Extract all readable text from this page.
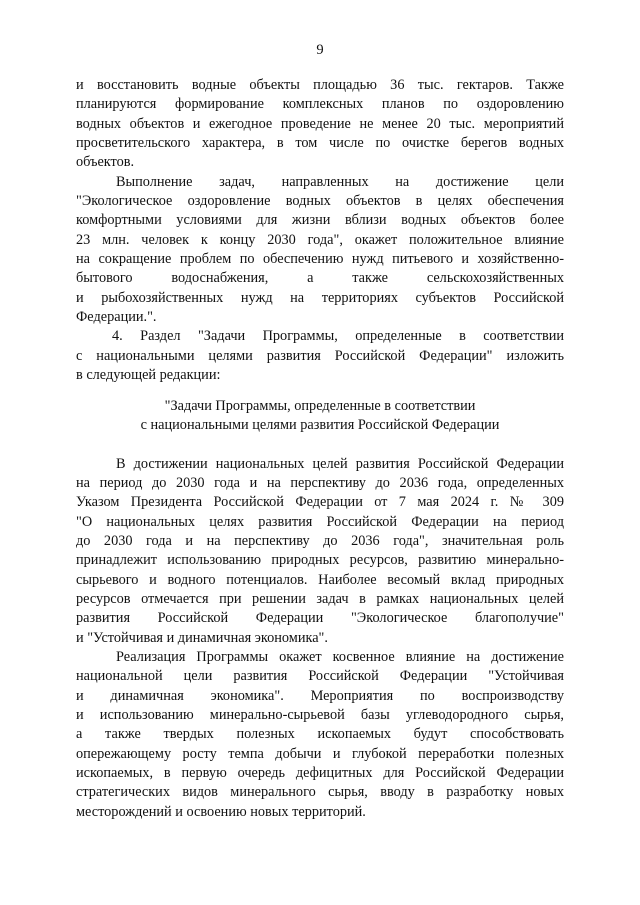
9
и восстановить водные объекты площадью 36 тыс. гектаров. Также
планируются формирование комплексных планов по оздоровлению
водных объектов и ежегодное проведение не менее 20 тыс. мероприятий
просветительского характера, в том числе по очистке берегов водных
объектов.
Выполнение задач, направленных на достижение цели
"Экологическое оздоровление водных объектов в целях обеспечения
комфортными условиями для жизни вблизи водных объектов более
23 млн. человек к концу 2030 года", окажет положительное влияние
на сокращение проблем по обеспечению нужд питьевого и хозяйственно-
бытового водоснабжения, а также сельскохозяйственных
и рыбохозяйственных нужд на территориях субъектов Российской
Федерации.".
4. Раздел "Задачи Программы, определенные в соответствии
с национальными целями развития Российской Федерации" изложить
в следующей редакции:
"Задачи Программы, определенные в соответствии
с национальными целями развития Российской Федерации
В достижении национальных целей развития Российской Федерации
на период до 2030 года и на перспективу до 2036 года, определенных
Указом Президента Российской Федерации от 7 мая 2024 г. № 309
"О национальных целях развития Российской Федерации на период
до 2030 года и на перспективу до 2036 года", значительная роль
принадлежит использованию природных ресурсов, развитию минерально-
сырьевого и водного потенциалов. Наиболее весомый вклад природных
ресурсов отмечается при решении задач в рамках национальных целей
развития Российской Федерации "Экологическое благополучие"
и "Устойчивая и динамичная экономика".
Реализация Программы окажет косвенное влияние на достижение
национальной цели развития Российской Федерации "Устойчивая
и динамичная экономика". Мероприятия по воспроизводству
и использованию минерально-сырьевой базы углеводородного сырья,
а также твердых полезных ископаемых будут способствовать
опережающему росту темпа добычи и глубокой переработки полезных
ископаемых, в первую очередь дефицитных для Российской Федерации
стратегических видов минерального сырья, вводу в разработку новых
месторождений и освоению новых территорий.
